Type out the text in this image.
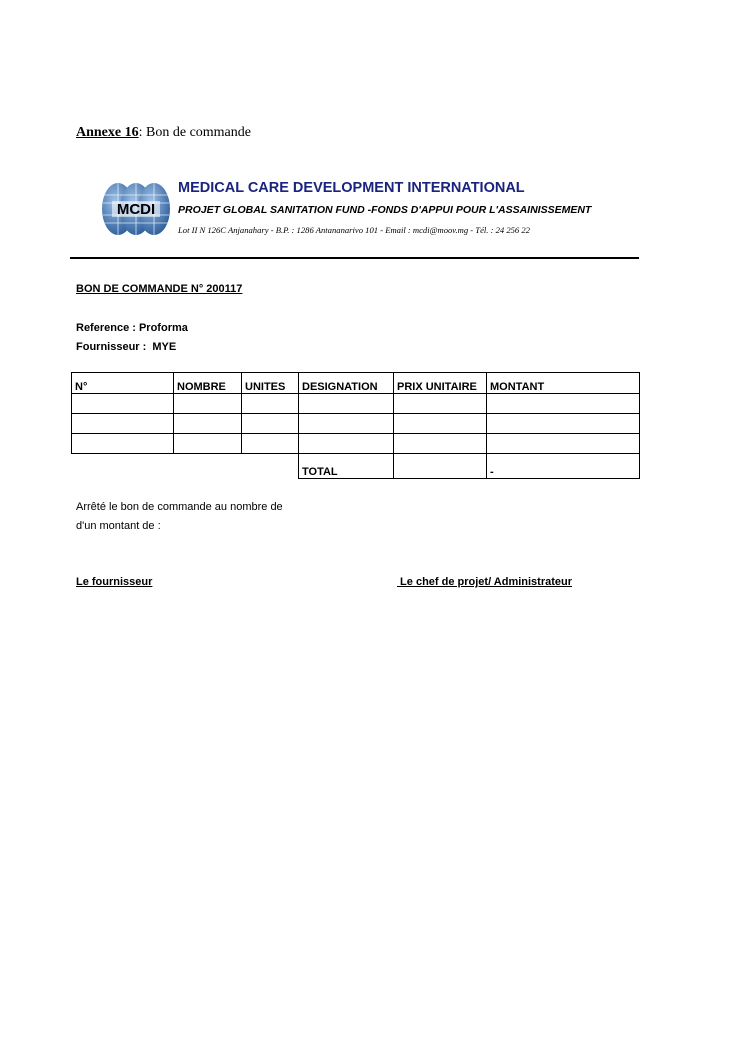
Annexe 16: Bon de commande
MCDI
MEDICAL CARE DEVELOPMENT INTERNATIONAL
PROJET GLOBAL SANITATION FUND -FONDS D'APPUI POUR L'ASSAINISSEMENT
Lot II N 126C Anjanahary - B.P. : 1286 Antananarivo 101 - Email : mcdi@moov.mg - Tél. : 24 256 22
BON DE COMMANDE N° 200117
Reference : Proforma
Fournisseur :  MYE
N°	NOMBRE	UNITES	DESIGNATION	PRIX UNITAIRE	MONTANT

			TOTAL		-
Arrêté le bon de commande au nombre de
d'un montant de :
Le fournisseur	Le chef de projet/ Administrateur
